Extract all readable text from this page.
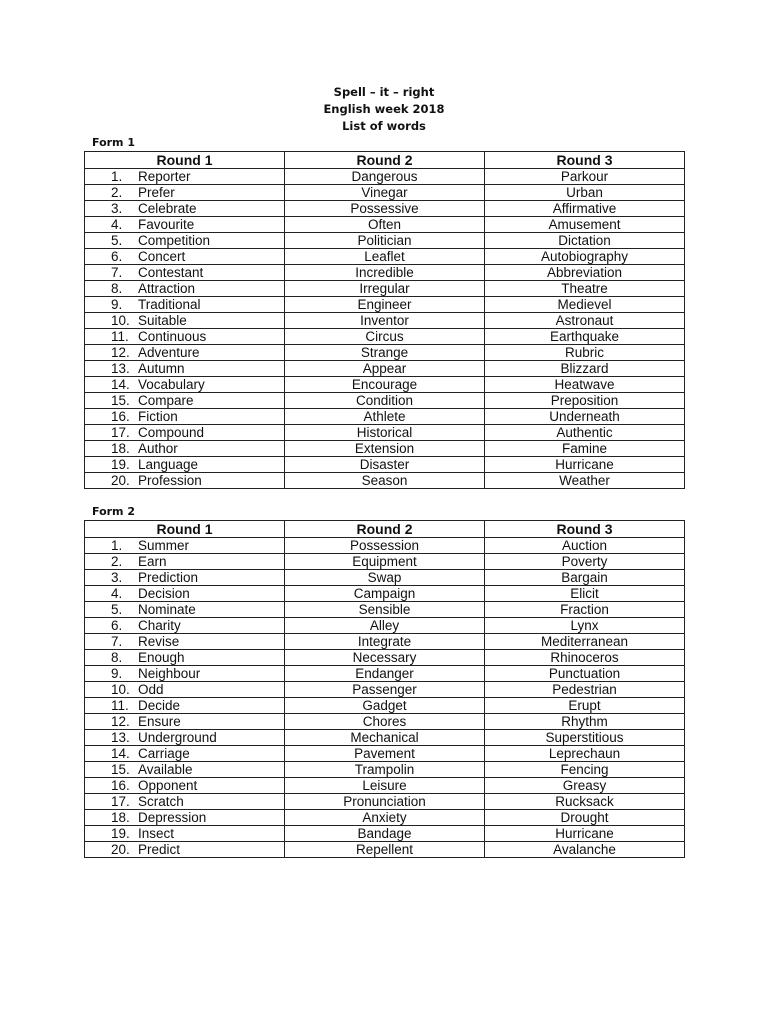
Spell – it – right
English week 2018
List of words
Form 1
Round 1	Round 2	Round 3
1. Reporter	Dangerous	Parkour
2. Prefer	Vinegar	Urban
3. Celebrate	Possessive	Affirmative
4. Favourite	Often	Amusement
5. Competition	Politician	Dictation
6. Concert	Leaflet	Autobiography
7. Contestant	Incredible	Abbreviation
8. Attraction	Irregular	Theatre
9. Traditional	Engineer	Medievel
10. Suitable	Inventor	Astronaut
11. Continuous	Circus	Earthquake
12. Adventure	Strange	Rubric
13. Autumn	Appear	Blizzard
14. Vocabulary	Encourage	Heatwave
15. Compare	Condition	Preposition
16. Fiction	Athlete	Underneath
17. Compound	Historical	Authentic
18. Author	Extension	Famine
19. Language	Disaster	Hurricane
20. Profession	Season	Weather
Form 2
Round 1	Round 2	Round 3
1. Summer	Possession	Auction
2. Earn	Equipment	Poverty
3. Prediction	Swap	Bargain
4. Decision	Campaign	Elicit
5. Nominate	Sensible	Fraction
6. Charity	Alley	Lynx
7. Revise	Integrate	Mediterranean
8. Enough	Necessary	Rhinoceros
9. Neighbour	Endanger	Punctuation
10. Odd	Passenger	Pedestrian
11. Decide	Gadget	Erupt
12. Ensure	Chores	Rhythm
13. Underground	Mechanical	Superstitious
14. Carriage	Pavement	Leprechaun
15. Available	Trampolin	Fencing
16. Opponent	Leisure	Greasy
17. Scratch	Pronunciation	Rucksack
18. Depression	Anxiety	Drought
19. Insect	Bandage	Hurricane
20. Predict	Repellent	Avalanche
